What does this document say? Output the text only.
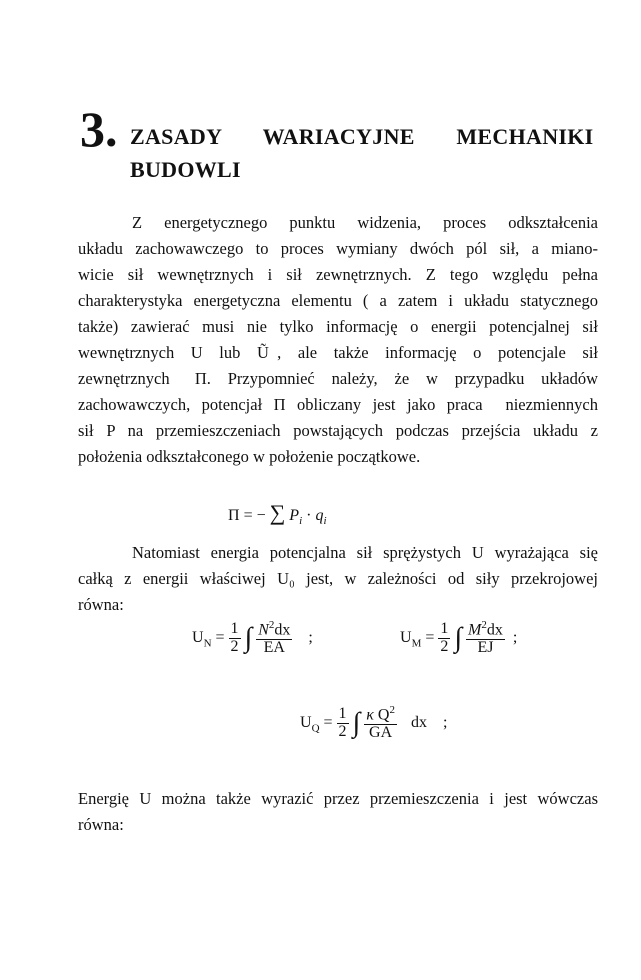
3. ZASADY  WARIACYJNE  MECHANIKI
BUDOWLI
Z energetycznego punktu widzenia, proces odkształcenia
układu zachowawczego to proces wymiany dwóch pól sił, a miano-
wicie sił wewnętrznych i sił zewnętrznych. Z tego względu pełna
charakterystyka energetyczna elementu ( a zatem i układu statycznego
także) zawierać musi nie tylko informację o energii potencjalnej sił
wewnętrznych  U  lub  Ũ ,  ale  także  informację  o  potencjale  sił
zewnętrznych   Π.  Przypomnieć  należy,  że  w  przypadku  układów
zachowawczych, potencjał Π obliczany jest jako praca  niezmiennych
sił P na przemieszczeniach powstających podczas przejścia układu z
położenia odkształconego w położenie początkowe.
Π = − ∑ $P_i \cdot q_i$
Natomiast energia potencjalna sił sprężystych U wyrażająca się
całką z energii właściwej U₀ jest, w zależności od siły przekrojowej
równa:
$U_N = \frac{1}{2}$ ∫ $\frac{N^2dx}{EA}$ ;	$U_M = \frac{1}{2}$ ∫ $\frac{M^2dx}{EJ}$ ;
$U_Q = \frac{1}{2}$ ∫ $\frac{\kappa Q^2}{GA}$ dx ;
Energię U można także wyrazić przez przemieszczenia i jest wówczas
równa:
